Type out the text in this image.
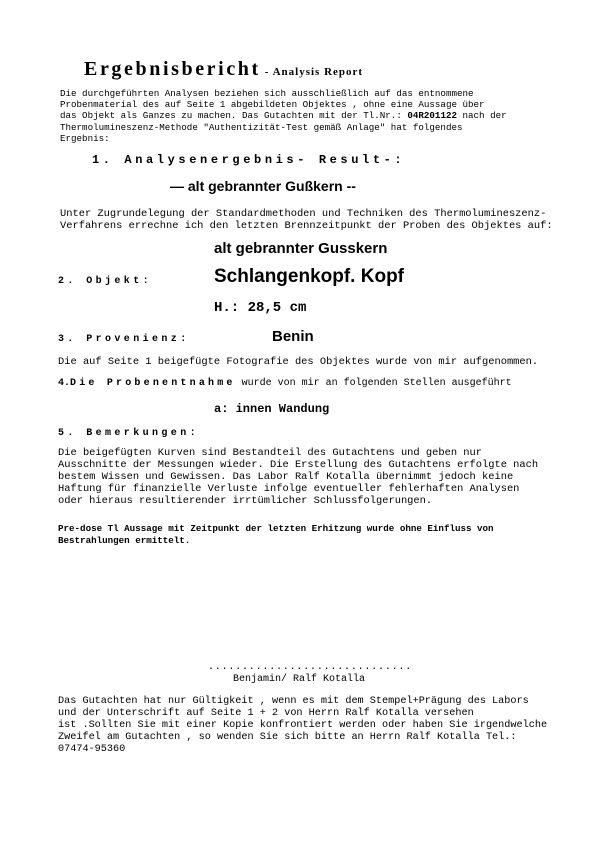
Ergebnisbericht - Analysis Report
Die durchgeführten Analysen beziehen sich ausschließlich auf das entnommene
Probenmaterial des auf Seite 1 abgebildeten Objektes , ohne eine Aussage über
das Objekt als Ganzes zu machen. Das Gutachten mit der Tl.Nr.: 04R201122 nach der
Thermolumineszenz-Methode "Authentizität-Test gemäß Anlage" hat folgendes
Ergebnis:
1. Analysenergebnis- Result-:
— alt gebrannter Gußkern --
Unter Zugrundelegung der Standardmethoden und Techniken des Thermolumineszenz-
Verfahrens errechne ich den letzten Brennzeitpunkt der Proben des Objektes auf:
alt gebrannter Gusskern
2. Objekt:	Schlangenkopf. Kopf
H.: 28,5 cm
3. Provenienz:	Benin
Die auf Seite 1 beigefügte Fotografie des Objektes wurde von mir aufgenommen.
4.Die Probenentnahme wurde von mir an folgenden Stellen ausgeführt
a: innen Wandung
5. Bemerkungen:
Die beigefügten Kurven sind Bestandteil des Gutachtens und geben nur
Ausschnitte der Messungen wieder. Die Erstellung des Gutachtens erfolgte nach
bestem Wissen und Gewissen. Das Labor Ralf Kotalla übernimmt jedoch keine
Haftung für finanzielle Verluste infolge eventueller fehlerhaften Analysen
oder hieraus resultierender irrtümlicher Schlussfolgerungen.
Pre-dose Tl Aussage mit Zeitpunkt der letzten Erhitzung wurde ohne Einfluss von
Bestrahlungen ermittelt.
..............................
Benjamin/ Ralf Kotalla
Das Gutachten hat nur Gültigkeit , wenn es mit dem Stempel+Prägung des Labors
und der Unterschrift auf Seite 1 + 2 von Herrn Ralf Kotalla versehen
ist .Sollten Sie mit einer Kopie konfrontiert werden oder haben Sie irgendwelche
Zweifel am Gutachten , so wenden Sie sich bitte an Herrn Ralf Kotalla Tel.:
07474-95360
